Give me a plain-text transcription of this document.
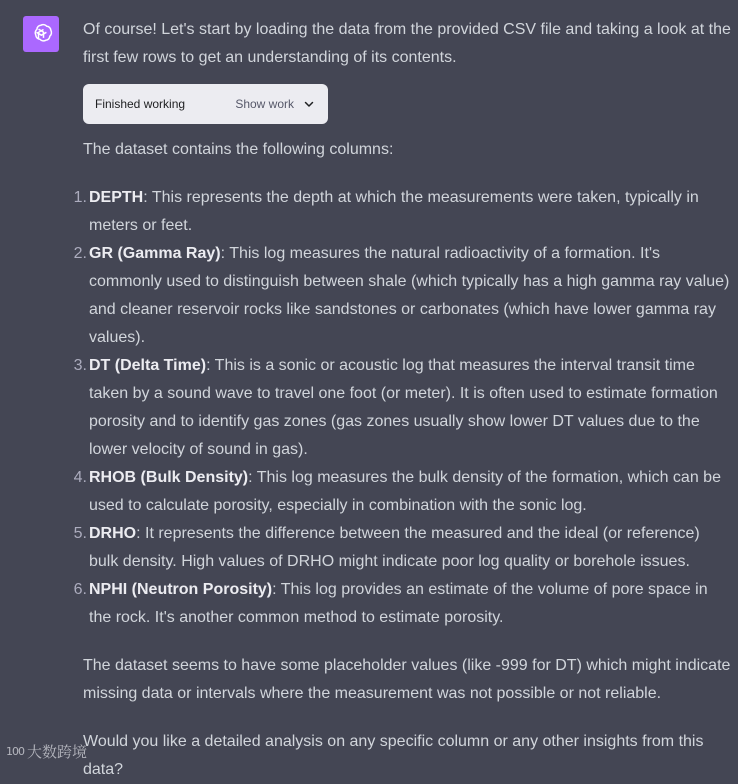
Of course! Let's start by loading the data from the provided CSV file and taking a look at the first few rows to get an understanding of its contents.

Finished working	Show work

The dataset contains the following columns:

1. DEPTH: This represents the depth at which the measurements were taken, typically in meters or feet.
2. GR (Gamma Ray): This log measures the natural radioactivity of a formation. It's commonly used to distinguish between shale (which typically has a high gamma ray value) and cleaner reservoir rocks like sandstones or carbonates (which have lower gamma ray values).
3. DT (Delta Time): This is a sonic or acoustic log that measures the interval transit time taken by a sound wave to travel one foot (or meter). It is often used to estimate formation porosity and to identify gas zones (gas zones usually show lower DT values due to the lower velocity of sound in gas).
4. RHOB (Bulk Density): This log measures the bulk density of the formation, which can be used to calculate porosity, especially in combination with the sonic log.
5. DRHO: It represents the difference between the measured and the ideal (or reference) bulk density. High values of DRHO might indicate poor log quality or borehole issues.
6. NPHI (Neutron Porosity): This log provides an estimate of the volume of pore space in the rock. It's another common method to estimate porosity.

The dataset seems to have some placeholder values (like -999 for DT) which might indicate missing data or intervals where the measurement was not possible or not reliable.

Would you like a detailed analysis on any specific column or any other insights from this data?

100 大数跨境
